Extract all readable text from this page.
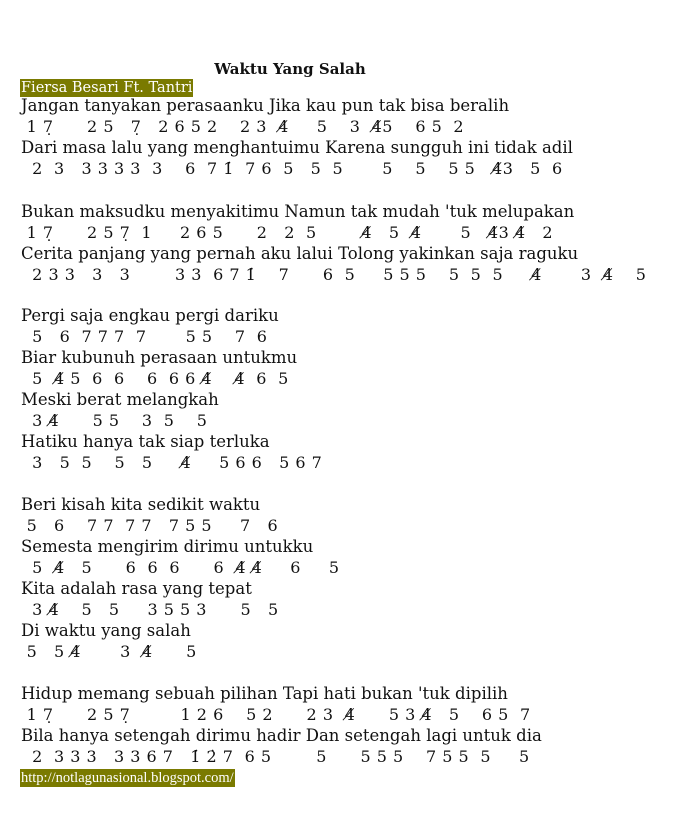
Waktu Yang Salah
Fiersa Besari Ft. Tantri
Jangan tanyakan perasaanku Jika kau pun tak bisa beralih
1 7̣      2 5   7̣   2 6 5 2    2 3  4̸     5    3  4̸5    6 5  2
Dari masa lalu yang menghantuimu Karena sungguh ini tidak adil
2  3   3 3 3 3  3    6  7 1̇  7 6  5   5  5       5    5    5 5   4̸3   5  6
Bukan maksudku menyakitimu Namun tak mudah 'tuk melupakan
1 7̣      2 5 7̣  1     2 6 5      2   2  5        4̸   5  4̸       5   4̸3 4̸   2
Cerita panjang yang pernah aku lalui Tolong yakinkan saja raguku
2 3 3   3   3        3 3  6 7 1̇    7      6  5     5 5 5    5  5  5     4̸       3  4̸    5
Pergi saja engkau pergi dariku
5   6  7 7 7  7       5 5    7  6
Biar kubunuh perasaan untukmu
5  4̸ 5  6  6    6  6 6 4̸    4̸  6  5
Meski berat melangkah
3 4̸      5 5    3  5    5
Hatiku hanya tak siap terluka
3   5  5    5   5     4̸     5 6 6   5 6 7
Beri kisah kita sedikit waktu
5   6    7 7  7 7   7 5 5     7   6
Semesta mengirim dirimu untukku
5  4̸   5      6  6  6      6  4̸ 4̸     6     5
Kita adalah rasa yang tepat
3 4̸    5   5     3 5 5 3      5   5
Di waktu yang salah
5   5 4̸       3  4̸      5
Hidup memang sebuah pilihan Tapi hati bukan 'tuk dipilih
1 7̣      2 5 7̣         1 2 6    5 2      2 3  4̸      5 3 4̸   5    6 5  7
Bila hanya setengah dirimu hadir Dan setengah lagi untuk dia
2  3 3 3   3 3 6 7   1̇ 2̇ 7  6 5        5      5 5 5    7 5 5  5     5
http://notlagunasional.blogspot.com/
